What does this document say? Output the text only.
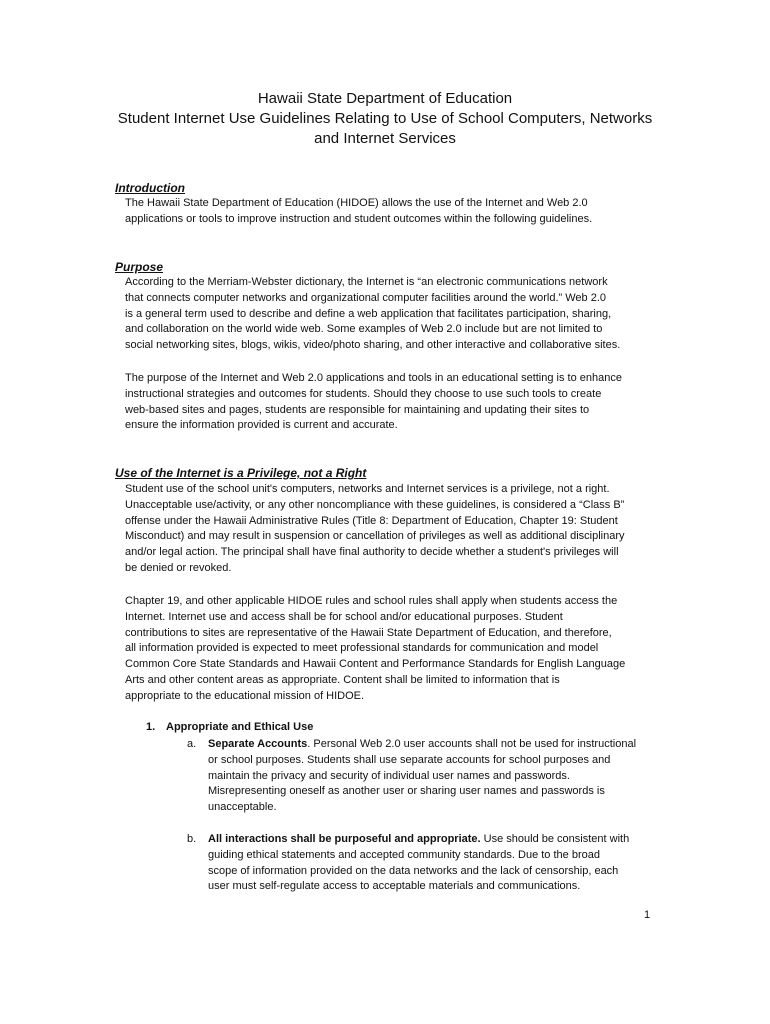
Hawaii State Department of Education
Student Internet Use Guidelines Relating to Use of School Computers, Networks
and Internet Services
Introduction
The Hawaii State Department of Education (HIDOE) allows the use of the Internet and Web 2.0
applications or tools to improve instruction and student outcomes within the following guidelines.
Purpose
According to the Merriam-Webster dictionary, the Internet is “an electronic communications network
that connects computer networks and organizational computer facilities around the world.” Web 2.0
is a general term used to describe and define a web application that facilitates participation, sharing,
and collaboration on the world wide web. Some examples of Web 2.0 include but are not limited to
social networking sites, blogs, wikis, video/photo sharing, and other interactive and collaborative sites.
The purpose of the Internet and Web 2.0 applications and tools in an educational setting is to enhance
instructional strategies and outcomes for students. Should they choose to use such tools to create
web-based sites and pages, students are responsible for maintaining and updating their sites to
ensure the information provided is current and accurate.
Use of the Internet is a Privilege, not a Right
Student use of the school unit's computers, networks and Internet services is a privilege, not a right.
Unacceptable use/activity, or any other noncompliance with these guidelines, is considered a “Class B”
offense under the Hawaii Administrative Rules (Title 8: Department of Education, Chapter 19: Student
Misconduct) and may result in suspension or cancellation of privileges as well as additional disciplinary
and/or legal action. The principal shall have final authority to decide whether a student's privileges will
be denied or revoked.
Chapter 19, and other applicable HIDOE rules and school rules shall apply when students access the
Internet. Internet use and access shall be for school and/or educational purposes. Student
contributions to sites are representative of the Hawaii State Department of Education, and therefore,
all information provided is expected to meet professional standards for communication and model
Common Core State Standards and Hawaii Content and Performance Standards for English Language
Arts and other content areas as appropriate. Content shall be limited to information that is
appropriate to the educational mission of HIDOE.
1. Appropriate and Ethical Use
a. Separate Accounts. Personal Web 2.0 user accounts shall not be used for instructional
or school purposes. Students shall use separate accounts for school purposes and
maintain the privacy and security of individual user names and passwords.
Misrepresenting oneself as another user or sharing user names and passwords is
unacceptable.
b. All interactions shall be purposeful and appropriate. Use should be consistent with
guiding ethical statements and accepted community standards. Due to the broad
scope of information provided on the data networks and the lack of censorship, each
user must self-regulate access to acceptable materials and communications.
1
